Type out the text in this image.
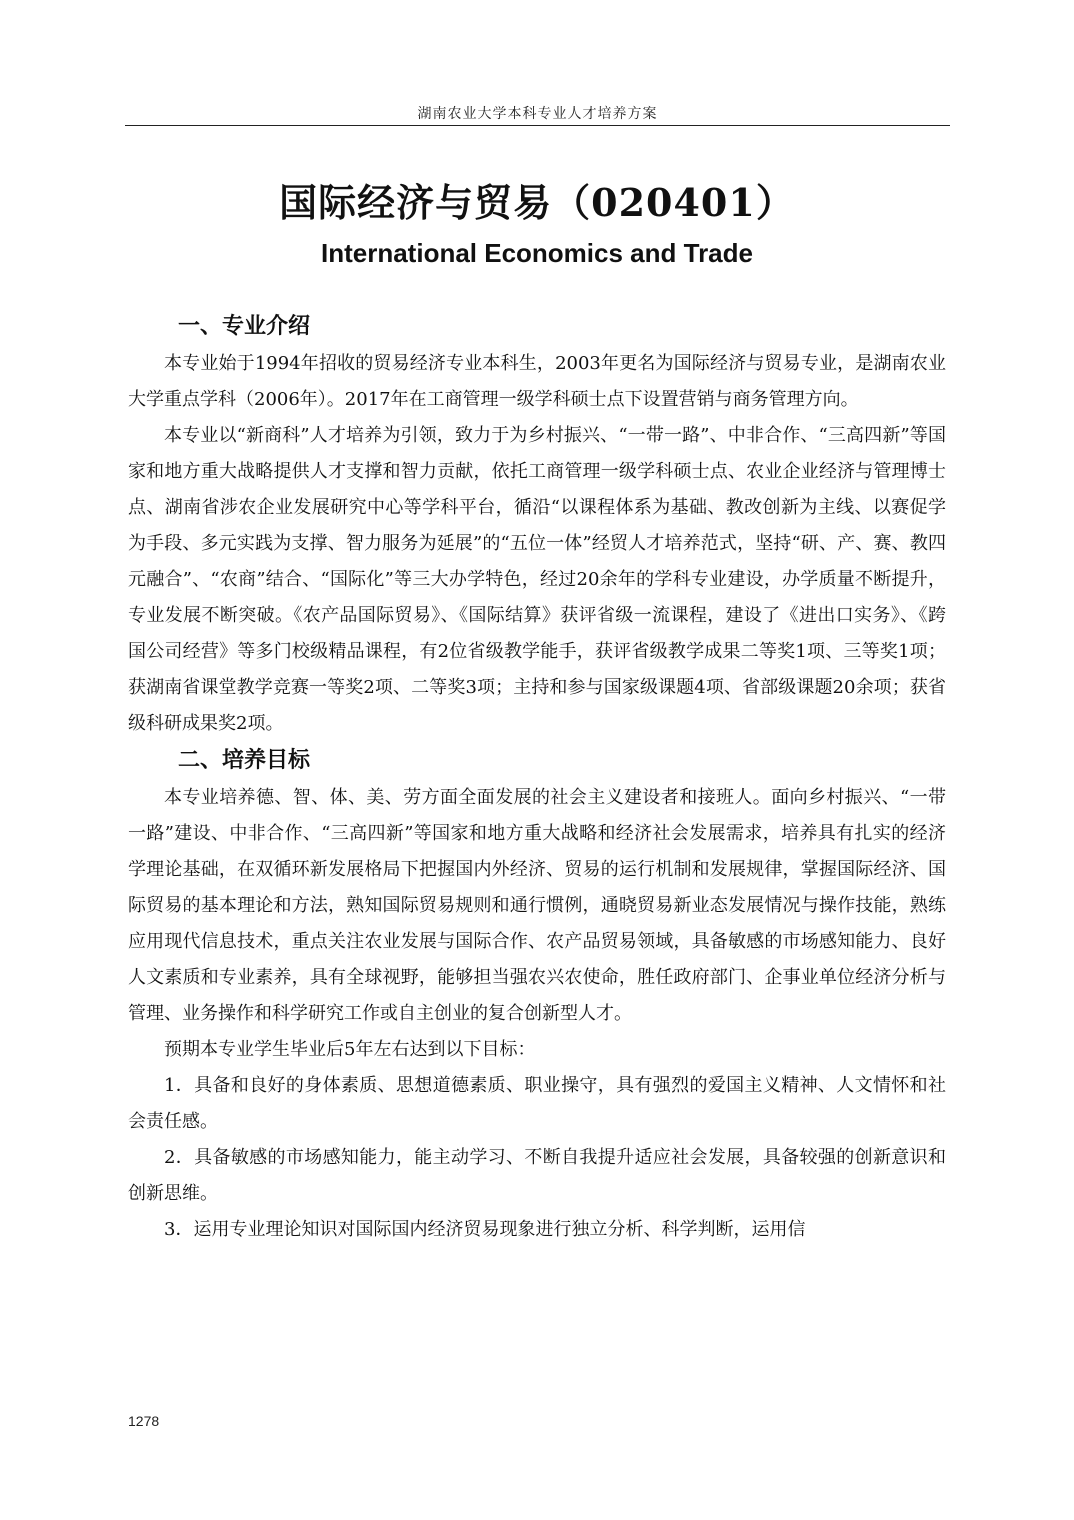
湖南农业大学本科专业人才培养方案
国际经济与贸易（020401）
International Economics and Trade
一、专业介绍

本专业始于1994年招收的贸易经济专业本科生，2003年更名为国际经济与贸易专业，是湖南农业大学重点学科（2006年）。2017年在工商管理一级学科硕士点下设置营销与商务管理方向。

本专业以“新商科”人才培养为引领，致力于为乡村振兴、“一带一路”、中非合作、“三高四新”等国家和地方重大战略提供人才支撑和智力贡献，依托工商管理一级学科硕士点、农业企业经济与管理博士点、湖南省涉农企业发展研究中心等学科平台，循沿“以课程体系为基础、教改创新为主线、以赛促学为手段、多元实践为支撑、智力服务为延展”的“五位一体”经贸人才培养范式，坚持“研、产、赛、教四元融合”、“农商”结合、“国际化”等三大办学特色，经过20余年的学科专业建设，办学质量不断提升，专业发展不断突破。《农产品国际贸易》、《国际结算》获评省级一流课程，建设了《进出口实务》、《跨国公司经营》等多门校级精品课程，有2位省级教学能手，获评省级教学成果二等奖1项、三等奖1项；获湖南省课堂教学竞赛一等奖2项、二等奖3项；主持和参与国家级课题4项、省部级课题20余项；获省级科研成果奖2项。

二、培养目标

本专业培养德、智、体、美、劳方面全面发展的社会主义建设者和接班人。面向乡村振兴、“一带一路”建设、中非合作、“三高四新”等国家和地方重大战略和经济社会发展需求，培养具有扎实的经济学理论基础，在双循环新发展格局下把握国内外经济、贸易的运行机制和发展规律，掌握国际经济、国际贸易的基本理论和方法，熟知国际贸易规则和通行惯例，通晓贸易新业态发展情况与操作技能，熟练应用现代信息技术，重点关注农业发展与国际合作、农产品贸易领域，具备敏感的市场感知能力、良好人文素质和专业素养，具有全球视野，能够担当强农兴农使命，胜任政府部门、企事业单位经济分析与管理、业务操作和科学研究工作或自主创业的复合创新型人才。

预期本专业学生毕业后5年左右达到以下目标：

1．具备和良好的身体素质、思想道德素质、职业操守，具有强烈的爱国主义精神、人文情怀和社会责任感。

2．具备敏感的市场感知能力，能主动学习、不断自我提升适应社会发展，具备较强的创新意识和创新思维。

3．运用专业理论知识对国际国内经济贸易现象进行独立分析、科学判断，运用信

1278
